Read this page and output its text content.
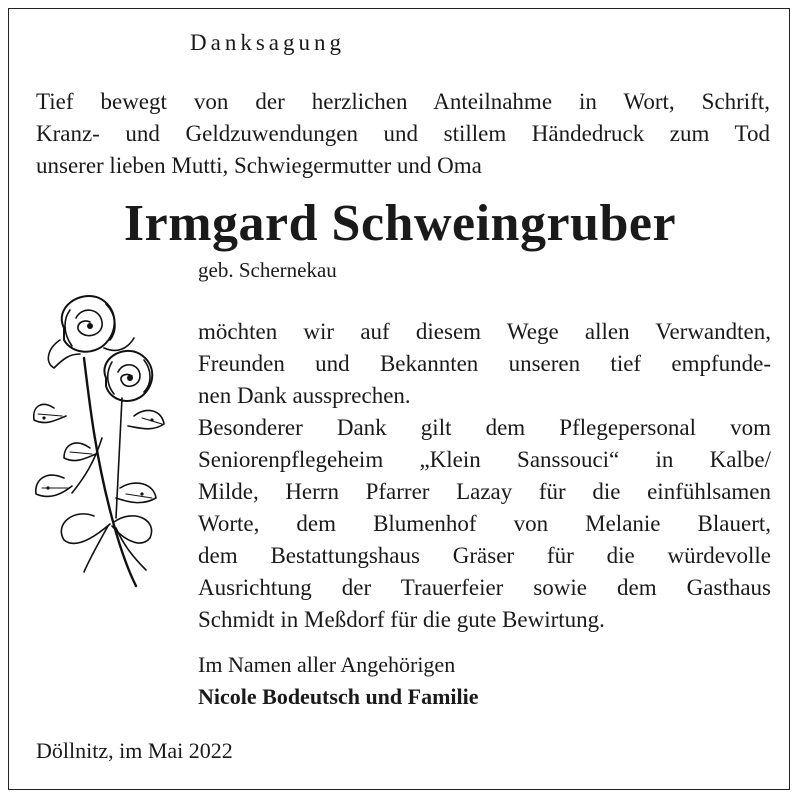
Danksagung
Tief bewegt von der herzlichen Anteilnahme in Wort, Schrift,
Kranz- und Geldzuwendungen und stillem Händedruck zum Tod
unserer lieben Mutti, Schwiegermutter und Oma
Irmgard Schweingruber
geb. Schernekau
möchten wir auf diesem Wege allen Verwandten,
Freunden und Bekannten unseren tief empfunde-
nen Dank aussprechen.
Besonderer Dank gilt dem Pflegepersonal vom
Seniorenpflegeheim „Klein Sanssouci“ in Kalbe/
Milde, Herrn Pfarrer Lazay für die einfühlsamen
Worte, dem Blumenhof von Melanie Blauert,
dem Bestattungshaus Gräser für die würdevolle
Ausrichtung der Trauerfeier sowie dem Gasthaus
Schmidt in Meßdorf für die gute Bewirtung.
Im Namen aller Angehörigen
Nicole Bodeutsch und Familie
Döllnitz, im Mai 2022
